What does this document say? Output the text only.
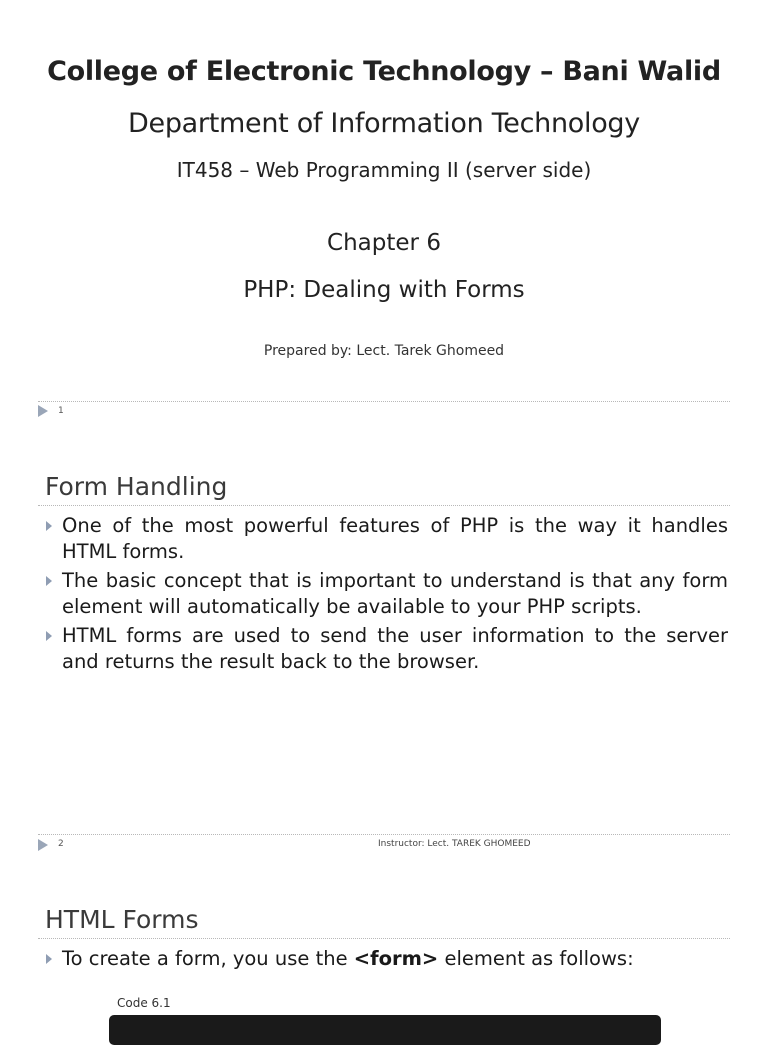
College of Electronic Technology – Bani Walid
Department of Information Technology
IT458 – Web Programming II (server side)
Chapter 6
PHP: Dealing with Forms
Prepared by: Lect. Tarek Ghomeed
1
Form Handling
One of the most powerful features of PHP is the way it handles HTML forms.
The basic concept that is important to understand is that any form element will automatically be available to your PHP scripts.
HTML forms are used to send the user information to the server and returns the result back to the browser.
2	Instructor: Lect. TAREK GHOMEED
HTML Forms
To create a form, you use the <form> element as follows:
Code 6.1
